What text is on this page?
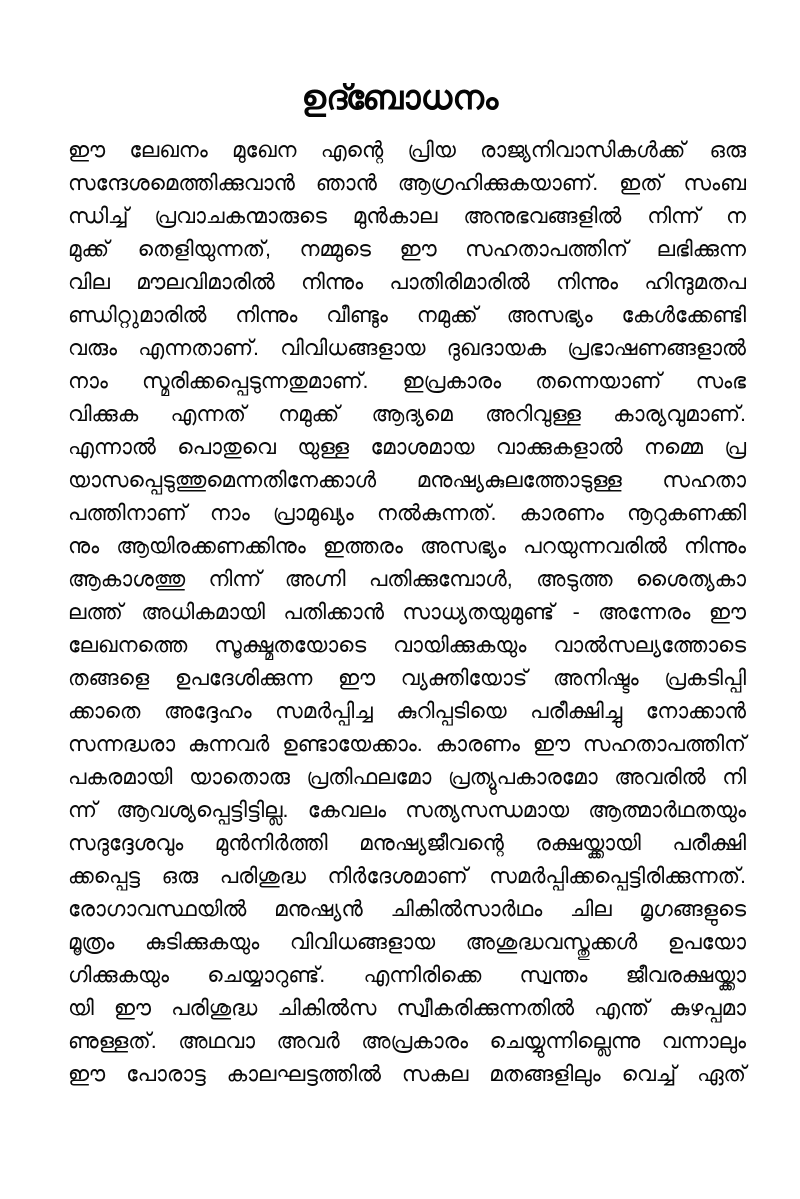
ഉദ്ബോധനം
ഈ ലേഖനം മുഖേന എന്റെ പ്രിയ രാജ്യനിവാസികൾക്ക് ഒരു
സന്ദേശമെത്തിക്കുവാൻ ഞാൻ ആഗ്രഹിക്കുകയാണ്. ഇത് സംബ
ന്ധിച്ച് പ്രവാചകന്മാരുടെ മുൻകാല അനുഭവങ്ങളിൽ നിന്ന് ന
മുക്ക് തെളിയുന്നത്, നമ്മുടെ ഈ സഹതാപത്തിന് ലഭിക്കുന്ന
വില മൗലവിമാരിൽ നിന്നും പാതിരിമാരിൽ നിന്നും ഹിന്ദുമതപ
ണ്ഡിറ്റുമാരിൽ നിന്നും വീണ്ടും നമുക്ക് അസഭ്യം കേൾക്കേണ്ടി
വരും എന്നതാണ്. വിവിധങ്ങളായ ദുഖദായക പ്രഭാഷണങ്ങളാൽ
നാം സ്മരിക്കപ്പെടുന്നതുമാണ്. ഇപ്രകാരം തന്നെയാണ് സംഭ
വിക്കുക എന്നത് നമുക്ക് ആദ്യമെ അറിവുള്ള കാര്യവുമാണ്.
എന്നാൽ പൊതുവെ യുള്ള മോശമായ വാക്കുകളാൽ നമ്മെ പ്ര
യാസപ്പെടുത്തുമെന്നതിനേക്കാൾ മനുഷ്യകുലത്തോടുള്ള സഹതാ
പത്തിനാണ് നാം പ്രാമുഖ്യം നൽകുന്നത്. കാരണം നൂറുകണക്കി
നും ആയിരക്കണക്കിനും ഇത്തരം അസഭ്യം പറയുന്നവരിൽ നിന്നും
ആകാശത്തു നിന്ന് അഗ്നി പതിക്കുമ്പോൾ, അടുത്ത ശൈത്യകാ
ലത്ത് അധികമായി പതിക്കാൻ സാധ്യതയുമുണ്ട് - അന്നേരം ഈ
ലേഖനത്തെ സൂക്ഷ്മതയോടെ വായിക്കുകയും വാൽസല്യത്തോടെ
തങ്ങളെ ഉപദേശിക്കുന്ന ഈ വ്യക്തിയോട് അനിഷ്ടം പ്രകടിപ്പി
ക്കാതെ അദ്ദേഹം സമർപ്പിച്ച കുറിപ്പടിയെ പരീക്ഷിച്ചു നോക്കാൻ
സന്നദ്ധരാ കുന്നവർ ഉണ്ടായേക്കാം. കാരണം ഈ സഹതാപത്തിന്
പകരമായി യാതൊരു പ്രതിഫലമോ പ്രത്യുപകാരമോ അവരിൽ നി
ന്ന് ആവശ്യപ്പെട്ടിട്ടില്ല. കേവലം സത്യസന്ധമായ ആത്മാർഥതയും
സദുദ്ദേശവും മുൻനിർത്തി മനുഷ്യജീവന്റെ രക്ഷയ്ക്കായി പരീക്ഷി
ക്കപ്പെട്ട ഒരു പരിശുദ്ധ നിർദേശമാണ് സമർപ്പിക്കപ്പെട്ടിരിക്കുന്നത്.
രോഗാവസ്ഥയിൽ മനുഷ്യൻ ചികിൽസാർഥം ചില മൃഗങ്ങളുടെ
മൂത്രം കുടിക്കുകയും വിവിധങ്ങളായ അശുദ്ധവസ്തുക്കൾ ഉപയോ
ഗിക്കുകയും ചെയ്യാറുണ്ട്. എന്നിരിക്കെ സ്വന്തം ജീവരക്ഷയ്ക്കാ
യി ഈ പരിശുദ്ധ ചികിൽസ സ്വീകരിക്കുന്നതിൽ എന്ത് കുഴപ്പമാ
ണുള്ളത്. അഥവാ അവർ അപ്രകാരം ചെയ്യുന്നില്ലെന്നു വന്നാലും
ഈ പോരാട്ട കാലഘട്ടത്തിൽ സകല മതങ്ങളിലും വെച്ച് ഏത്
